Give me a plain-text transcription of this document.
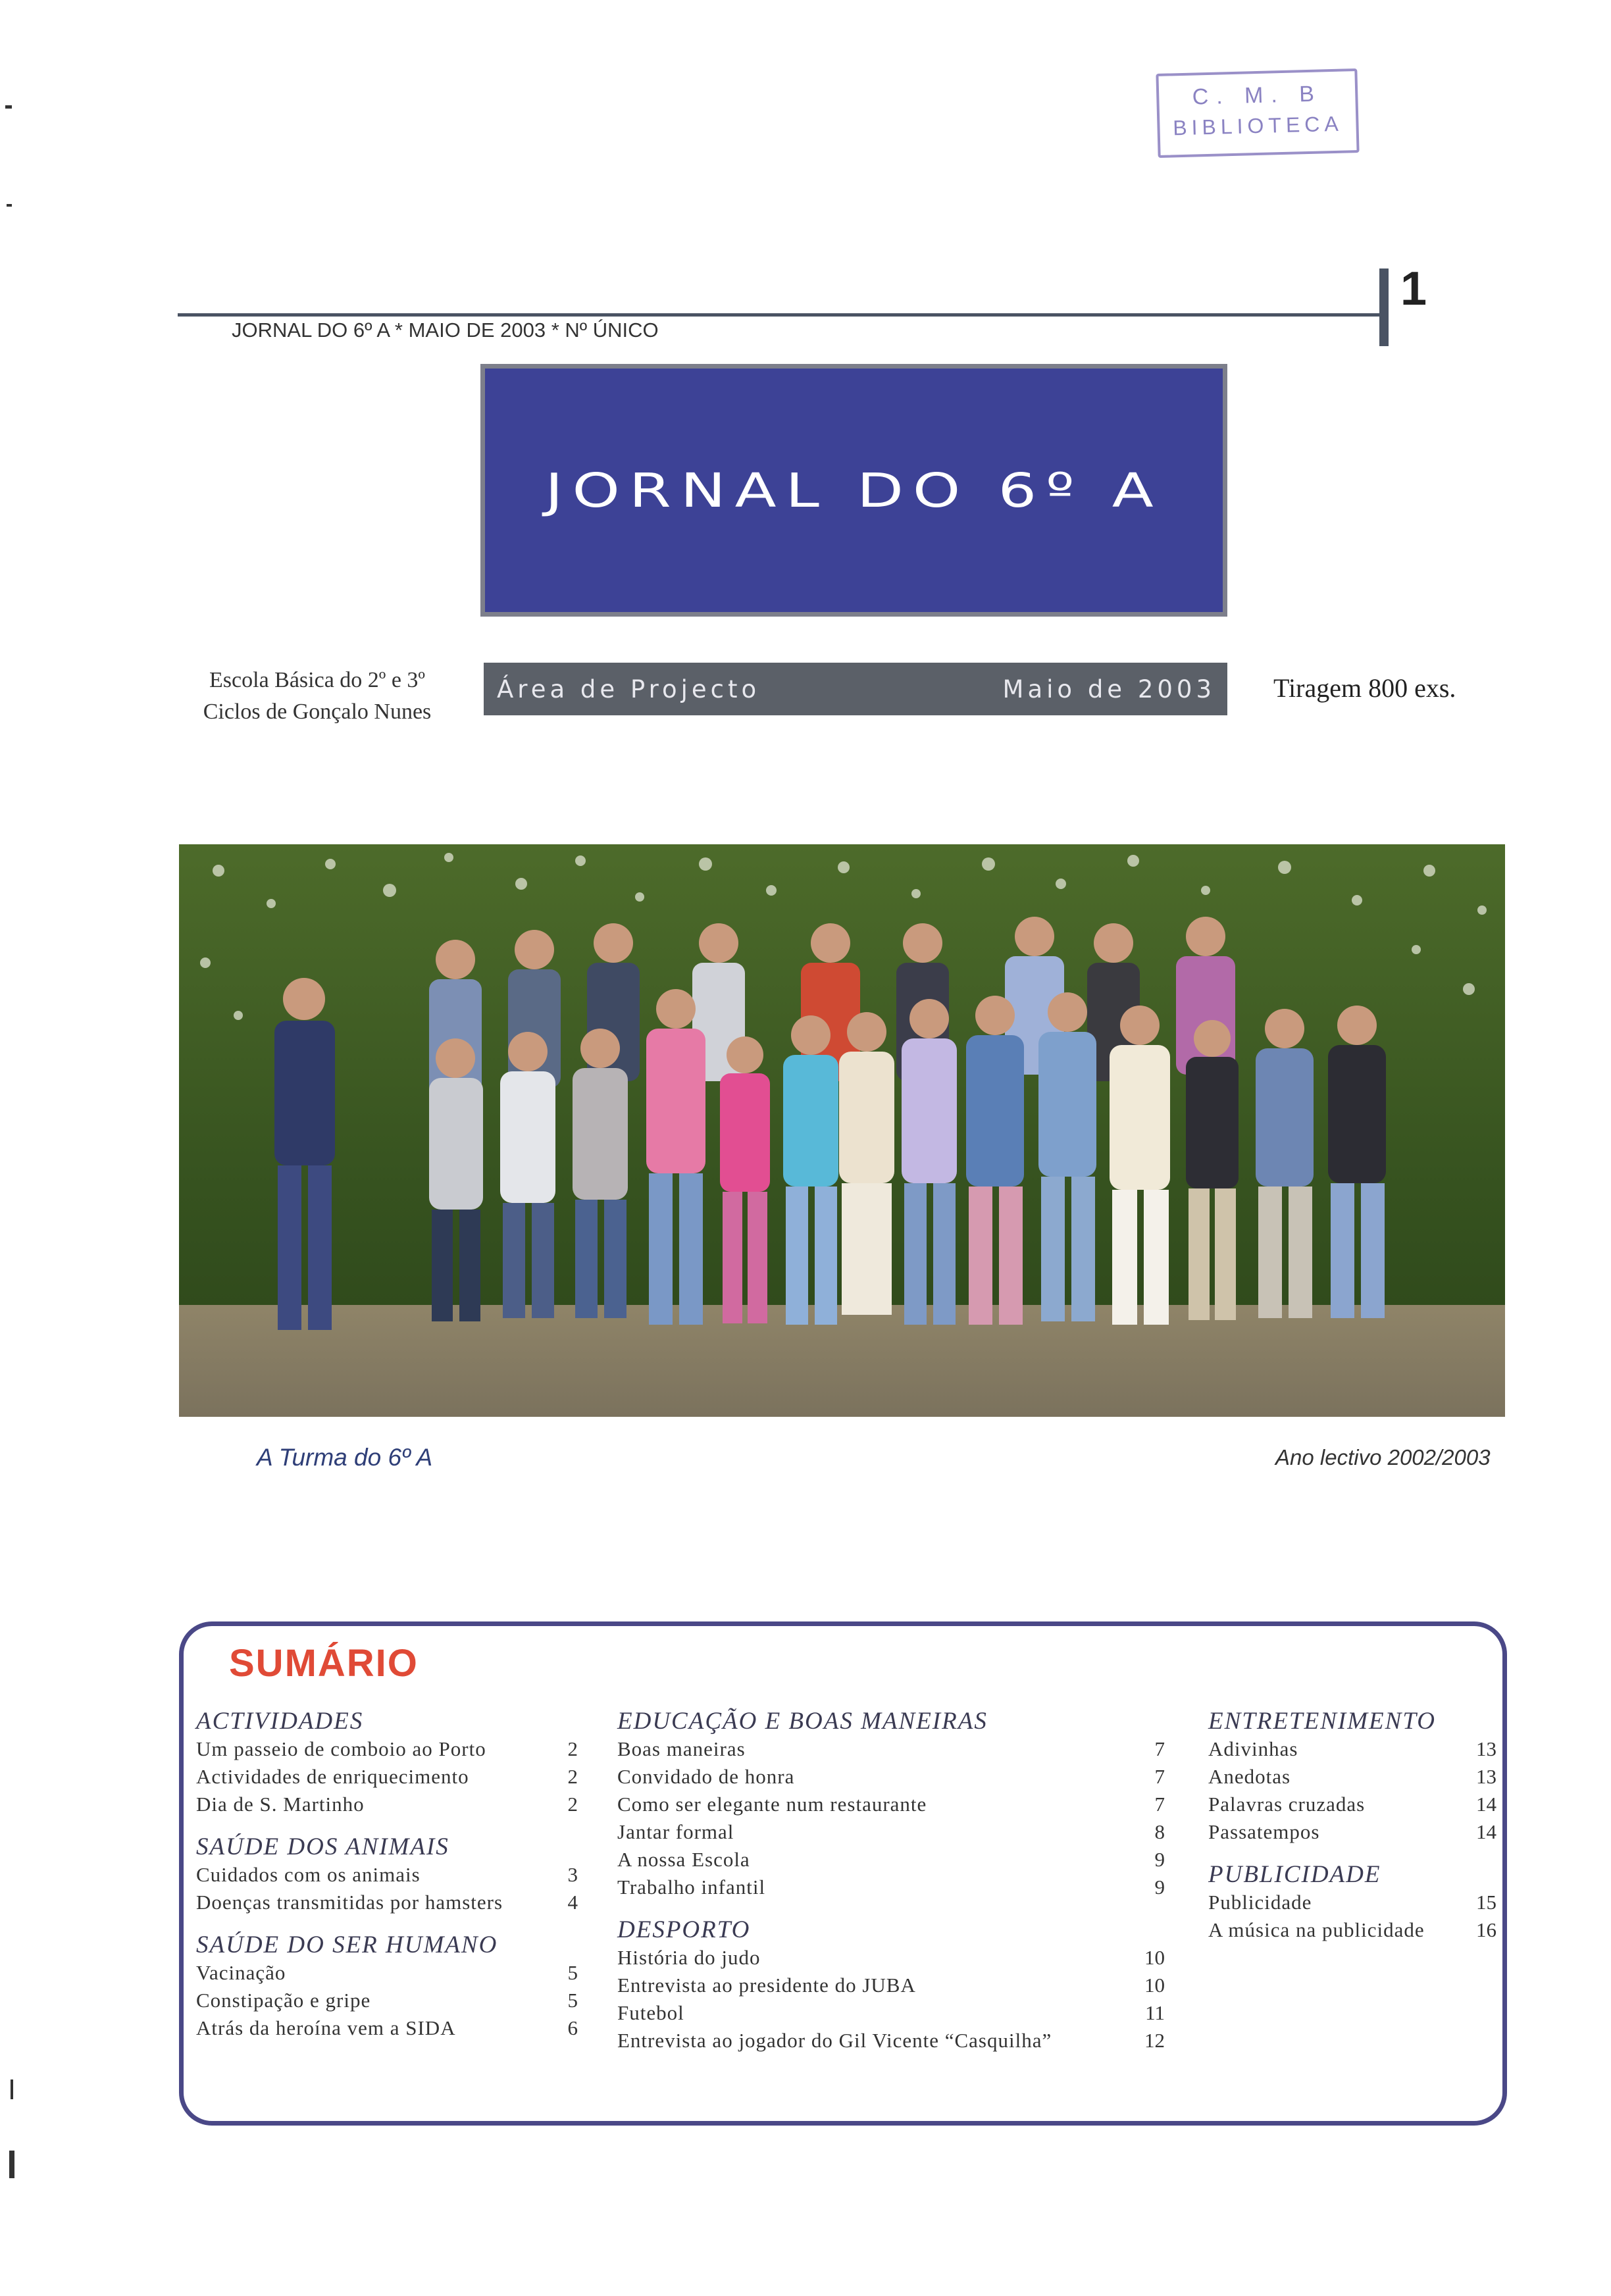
C. M. B
BIBLIOTECA
1
JORNAL DO 6º A * MAIO DE 2003 * Nº ÚNICO
JORNAL DO 6º A
Escola Básica do 2º e 3º
Ciclos de Gonçalo Nunes
Área de Projecto	Maio de 2003 Tiragem 800 exs.
A Turma do 6º A	Ano lectivo 2002/2003
SUMÁRIO
ACTIVIDADES
Um passeio de comboio ao Porto	2
Actividades de enriquecimento	2
Dia de S. Martinho	2
SAÚDE DOS ANIMAIS
Cuidados com os animais	3
Doenças transmitidas por hamsters	4
SAÚDE DO SER HUMANO
Vacinação	5
Constipação e gripe	5
Atrás da heroína vem a SIDA	6
EDUCAÇÃO E BOAS MANEIRAS
Boas maneiras	7
Convidado de honra	7
Como ser elegante num restaurante	7
Jantar formal	8
A nossa Escola	9
Trabalho infantil	9
DESPORTO
História do judo	10
Entrevista ao presidente do JUBA	10
Futebol	11
Entrevista ao jogador do Gil Vicente “Casquilha”	12
ENTRETENIMENTO
Adivinhas	13
Anedotas	13
Palavras cruzadas	14
Passatempos	14
PUBLICIDADE
Publicidade	15
A música na publicidade	16
